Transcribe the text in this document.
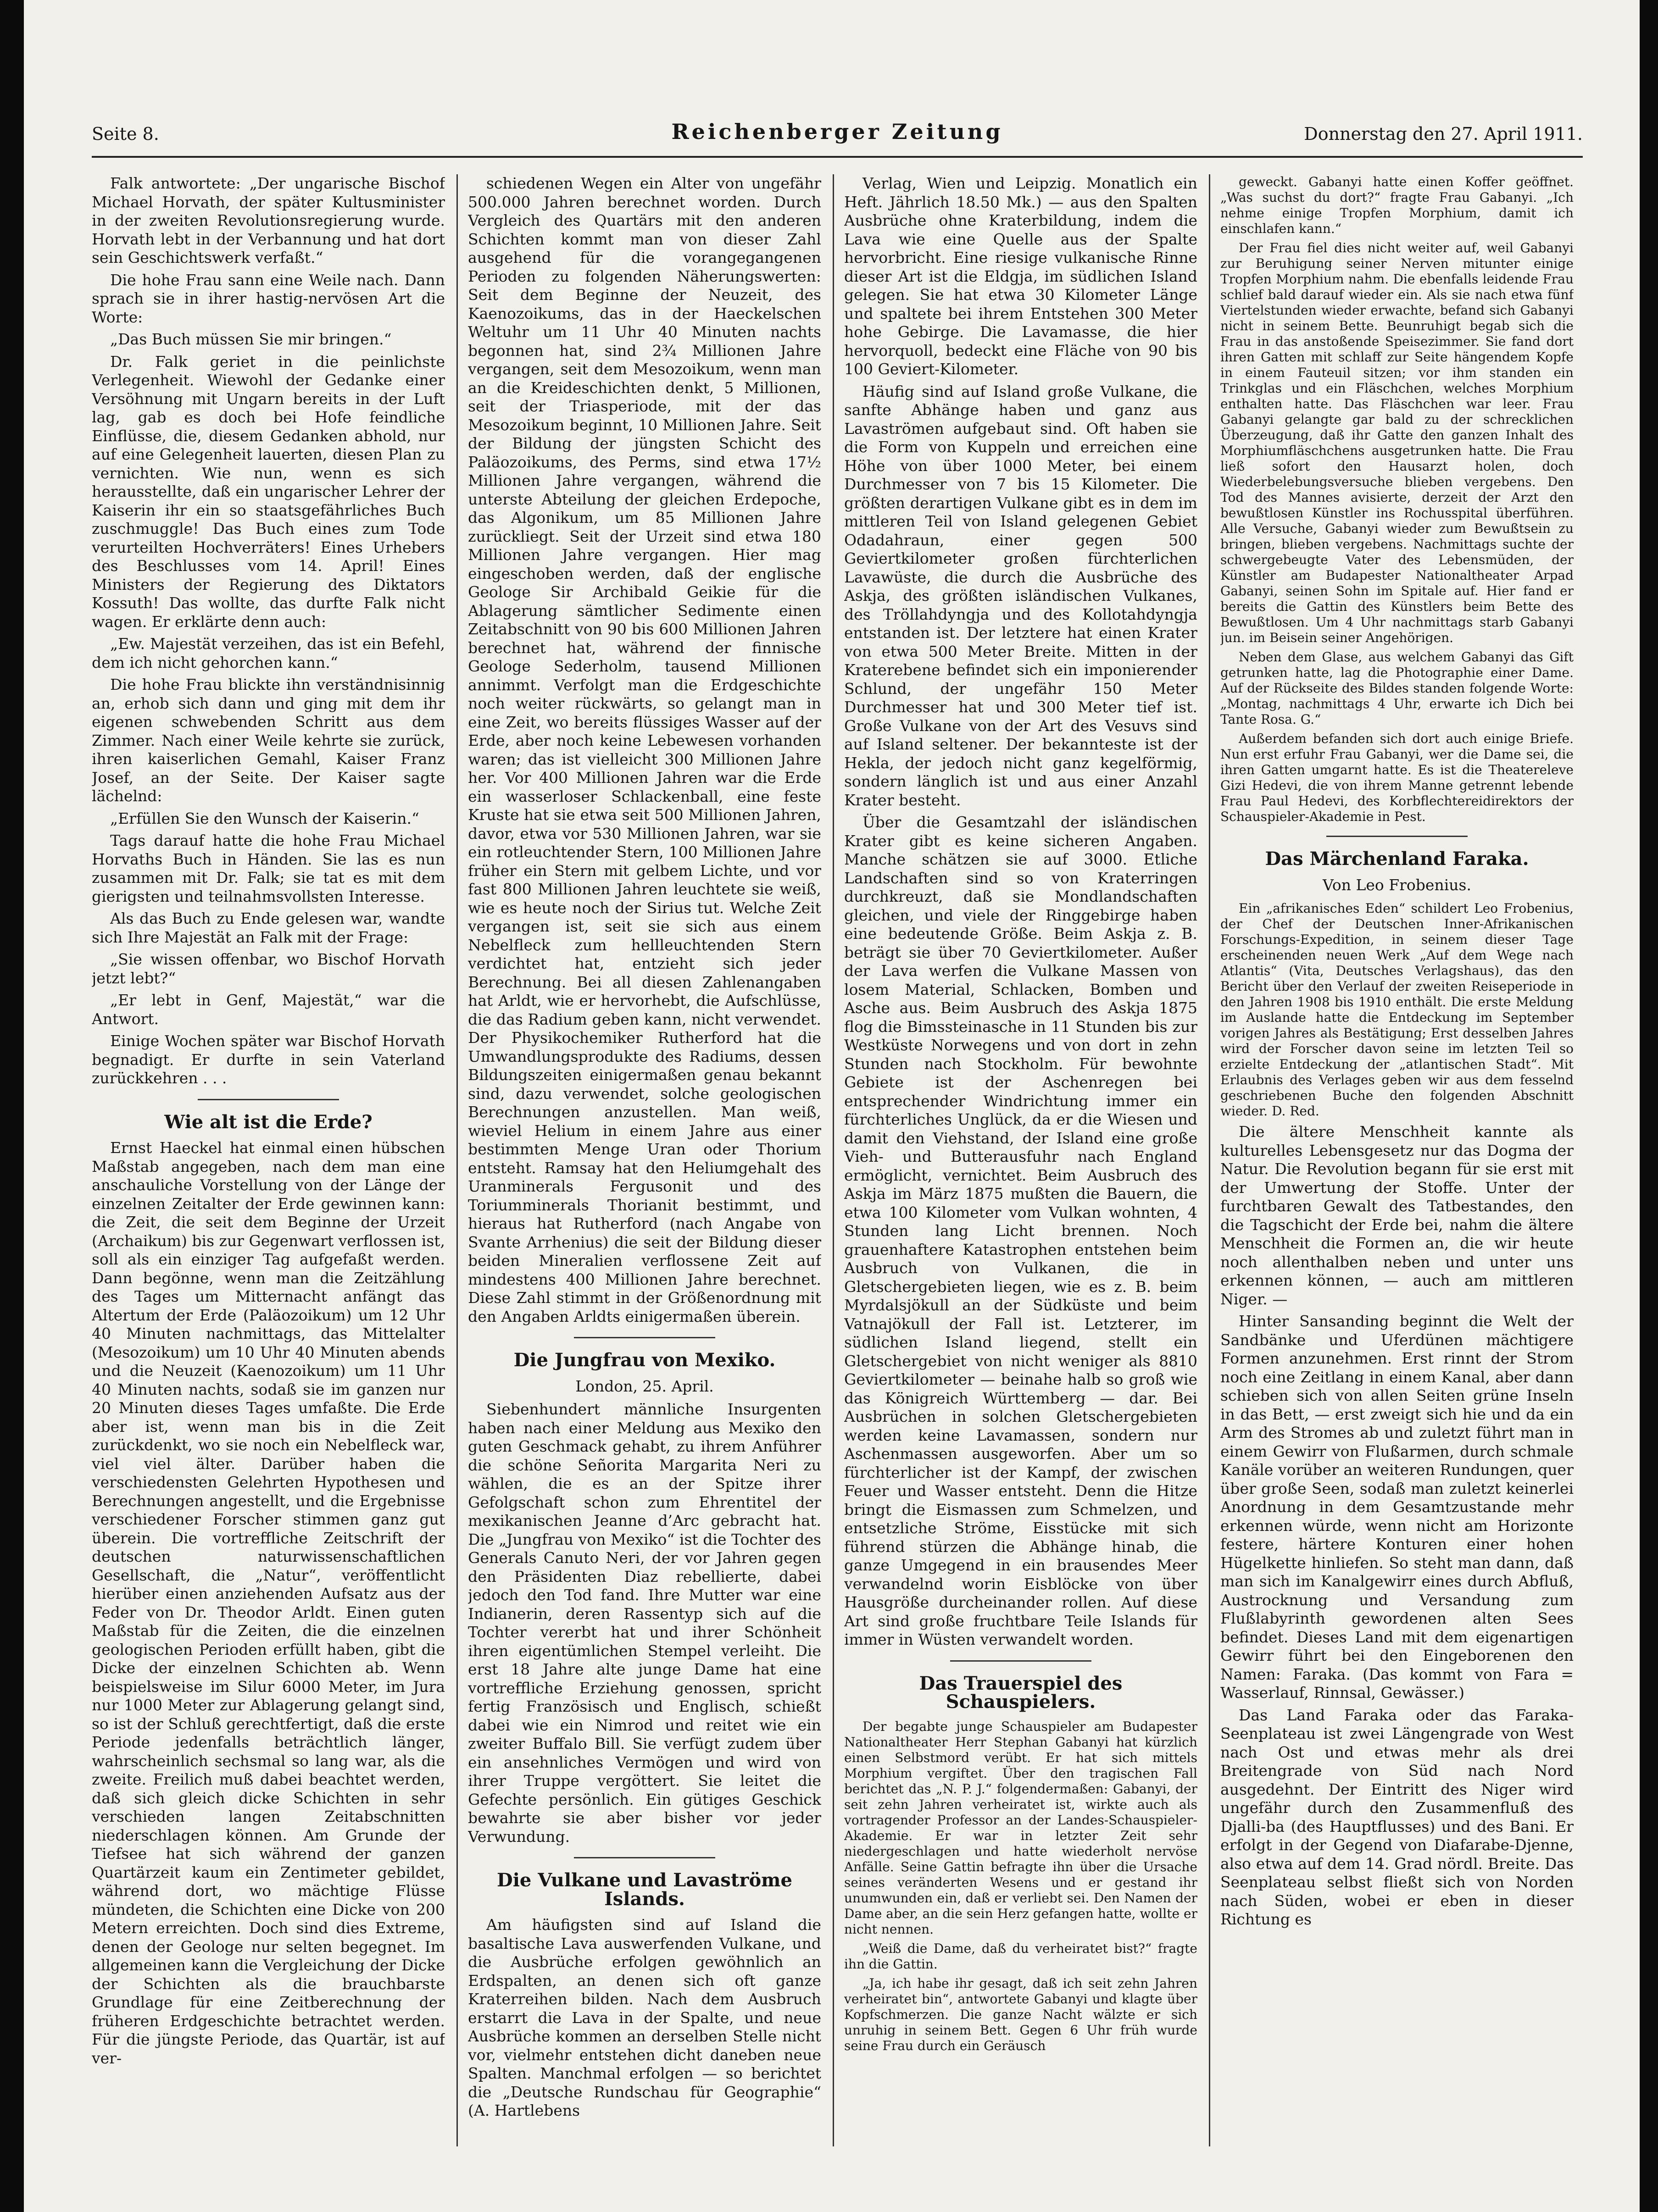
Seite 8.	Reichenberger Zeitung	Donnerstag den 27. April 1911.

Falk antwortete: „Der ungarische Bischof Michael Horvath, der später Kultusminister in der zweiten Revolutionsregierung wurde. Horvath lebt in der Verbannung und hat dort sein Geschichtswerk verfaßt.“

Die hohe Frau sann eine Weile nach. Dann sprach sie in ihrer hastig-nervösen Art die Worte:

„Das Buch müssen Sie mir bringen.“

Dr. Falk geriet in die peinlichste Verlegenheit. Wiewohl der Gedanke einer Versöhnung mit Ungarn bereits in der Luft lag, gab es doch bei Hofe feindliche Einflüsse, die, diesem Gedanken abhold, nur auf eine Gelegenheit lauerten, diesen Plan zu vernichten. Wie nun, wenn es sich herausstellte, daß ein ungarischer Lehrer der Kaiserin ihr ein so staatsgefährliches Buch zuschmuggle! Das Buch eines zum Tode verurteilten Hochverräters! Eines Urhebers des Beschlusses vom 14. April! Eines Ministers der Regierung des Diktators Kossuth! Das wollte, das durfte Falk nicht wagen. Er erklärte denn auch:

„Ew. Majestät verzeihen, das ist ein Befehl, dem ich nicht gehorchen kann.“

Die hohe Frau blickte ihn verständnisinnig an, erhob sich dann und ging mit dem ihr eigenen schwebenden Schritt aus dem Zimmer. Nach einer Weile kehrte sie zurück, ihren kaiserlichen Gemahl, Kaiser Franz Josef, an der Seite. Der Kaiser sagte lächelnd:

„Erfüllen Sie den Wunsch der Kaiserin.“

Tags darauf hatte die hohe Frau Michael Horvaths Buch in Händen. Sie las es nun zusammen mit Dr. Falk; sie tat es mit dem gierigsten und teilnahmsvollsten Interesse.

Als das Buch zu Ende gelesen war, wandte sich Ihre Majestät an Falk mit der Frage:

„Sie wissen offenbar, wo Bischof Horvath jetzt lebt?“

„Er lebt in Genf, Majestät,“ war die Antwort.

Einige Wochen später war Bischof Horvath begnadigt. Er durfte in sein Vaterland zurückkehren . . .

Wie alt ist die Erde?

Ernst Haeckel hat einmal einen hübschen Maßstab angegeben, nach dem man eine anschauliche Vorstellung von der Länge der einzelnen Zeitalter der Erde gewinnen kann: die Zeit, die seit dem Beginne der Urzeit (Archaikum) bis zur Gegenwart verflossen ist, soll als ein einziger Tag aufgefaßt werden. Dann begönne, wenn man die Zeitzählung des Tages um Mitternacht anfängt das Altertum der Erde (Paläozoikum) um 12 Uhr 40 Minuten nachmittags, das Mittelalter (Mesozoikum) um 10 Uhr 40 Minuten abends und die Neuzeit (Kaenozoikum) um 11 Uhr 40 Minuten nachts, sodaß sie im ganzen nur 20 Minuten dieses Tages umfaßte. Die Erde aber ist, wenn man bis in die Zeit zurückdenkt, wo sie noch ein Nebelfleck war, viel viel älter. Darüber haben die verschiedensten Gelehrten Hypothesen und Berechnungen angestellt, und die Ergebnisse verschiedener Forscher stimmen ganz gut überein. Die vortreffliche Zeitschrift der deutschen naturwissenschaftlichen Gesellschaft, die „Natur“, veröffentlicht hierüber einen anziehenden Aufsatz aus der Feder von Dr. Theodor Arldt. Einen guten Maßstab für die Zeiten, die die einzelnen geologischen Perioden erfüllt haben, gibt die Dicke der einzelnen Schichten ab. Wenn beispielsweise im Silur 6000 Meter, im Jura nur 1000 Meter zur Ablagerung gelangt sind, so ist der Schluß gerechtfertigt, daß die erste Periode jedenfalls beträchtlich länger, wahrscheinlich sechsmal so lang war, als die zweite. Freilich muß dabei beachtet werden, daß sich gleich dicke Schichten in sehr verschieden langen Zeitabschnitten niederschlagen können. Am Grunde der Tiefsee hat sich während der ganzen Quartärzeit kaum ein Zentimeter gebildet, während dort, wo mächtige Flüsse mündeten, die Schichten eine Dicke von 200 Metern erreichten. Doch sind dies Extreme, denen der Geologe nur selten begegnet. Im allgemeinen kann die Vergleichung der Dicke der Schichten als die brauchbarste Grundlage für eine Zeitberechnung der früheren Erdgeschichte betrachtet werden. Für die jüngste Periode, das Quartär, ist auf ver-

schiedenen Wegen ein Alter von ungefähr 500.000 Jahren berechnet worden. Durch Vergleich des Quartärs mit den anderen Schichten kommt man von dieser Zahl ausgehend für die vorangegangenen Perioden zu folgenden Näherungswerten: Seit dem Beginne der Neuzeit, des Kaenozoikums, das in der Haeckelschen Weltuhr um 11 Uhr 40 Minuten nachts begonnen hat, sind 2¾ Millionen Jahre vergangen, seit dem Mesozoikum, wenn man an die Kreideschichten denkt, 5 Millionen, seit der Triasperiode, mit der das Mesozoikum beginnt, 10 Millionen Jahre. Seit der Bildung der jüngsten Schicht des Paläozoikums, des Perms, sind etwa 17½ Millionen Jahre vergangen, während die unterste Abteilung der gleichen Erdepoche, das Algonikum, um 85 Millionen Jahre zurückliegt. Seit der Urzeit sind etwa 180 Millionen Jahre vergangen. Hier mag eingeschoben werden, daß der englische Geologe Sir Archibald Geikie für die Ablagerung sämtlicher Sedimente einen Zeitabschnitt von 90 bis 600 Millionen Jahren berechnet hat, während der finnische Geologe Sederholm, tausend Millionen annimmt. Verfolgt man die Erdgeschichte noch weiter rückwärts, so gelangt man in eine Zeit, wo bereits flüssiges Wasser auf der Erde, aber noch keine Lebewesen vorhanden waren; das ist vielleicht 300 Millionen Jahre her. Vor 400 Millionen Jahren war die Erde ein wasserloser Schlackenball, eine feste Kruste hat sie etwa seit 500 Millionen Jahren, davor, etwa vor 530 Millionen Jahren, war sie ein rotleuchtender Stern, 100 Millionen Jahre früher ein Stern mit gelbem Lichte, und vor fast 800 Millionen Jahren leuchtete sie weiß, wie es heute noch der Sirius tut. Welche Zeit vergangen ist, seit sie sich aus einem Nebelfleck zum hellleuchtenden Stern verdichtet hat, entzieht sich jeder Berechnung. Bei all diesen Zahlenangaben hat Arldt, wie er hervorhebt, die Aufschlüsse, die das Radium geben kann, nicht verwendet. Der Physikochemiker Rutherford hat die Umwandlungsprodukte des Radiums, dessen Bildungszeiten einigermaßen genau bekannt sind, dazu verwendet, solche geologischen Berechnungen anzustellen. Man weiß, wieviel Helium in einem Jahre aus einer bestimmten Menge Uran oder Thorium entsteht. Ramsay hat den Heliumgehalt des Uranminerals Fergusonit und des Toriumminerals Thorianit bestimmt, und hieraus hat Rutherford (nach Angabe von Svante Arrhenius) die seit der Bildung dieser beiden Mineralien verflossene Zeit auf mindestens 400 Millionen Jahre berechnet. Diese Zahl stimmt in der Größenordnung mit den Angaben Arldts einigermaßen überein.

Die Jungfrau von Mexiko.
London, 25. April.

Siebenhundert männliche Insurgenten haben nach einer Meldung aus Mexiko den guten Geschmack gehabt, zu ihrem Anführer die schöne Señorita Margarita Neri zu wählen, die es an der Spitze ihrer Gefolgschaft schon zum Ehrentitel der mexikanischen Jeanne d’Arc gebracht hat. Die „Jungfrau von Mexiko“ ist die Tochter des Generals Canuto Neri, der vor Jahren gegen den Präsidenten Diaz rebellierte, dabei jedoch den Tod fand. Ihre Mutter war eine Indianerin, deren Rassentyp sich auf die Tochter vererbt hat und ihrer Schönheit ihren eigentümlichen Stempel verleiht. Die erst 18 Jahre alte junge Dame hat eine vortreffliche Erziehung genossen, spricht fertig Französisch und Englisch, schießt dabei wie ein Nimrod und reitet wie ein zweiter Buffalo Bill. Sie verfügt zudem über ein ansehnliches Vermögen und wird von ihrer Truppe vergöttert. Sie leitet die Gefechte persönlich. Ein gütiges Geschick bewahrte sie aber bisher vor jeder Verwundung.

Die Vulkane und Lavaströme Islands.

Am häufigsten sind auf Island die basaltische Lava auswerfenden Vulkane, und die Ausbrüche erfolgen gewöhnlich an Erdspalten, an denen sich oft ganze Kraterreihen bilden. Nach dem Ausbruch erstarrt die Lava in der Spalte, und neue Ausbrüche kommen an derselben Stelle nicht vor, vielmehr entstehen dicht daneben neue Spalten. Manchmal erfolgen — so berichtet die „Deutsche Rundschau für Geographie“ (A. Hartlebens

Verlag, Wien und Leipzig. Monatlich ein Heft. Jährlich 18.50 Mk.) — aus den Spalten Ausbrüche ohne Kraterbildung, indem die Lava wie eine Quelle aus der Spalte hervorbricht. Eine riesige vulkanische Rinne dieser Art ist die Eldgja, im südlichen Island gelegen. Sie hat etwa 30 Kilometer Länge und spaltete bei ihrem Entstehen 300 Meter hohe Gebirge. Die Lavamasse, die hier hervorquoll, bedeckt eine Fläche von 90 bis 100 Geviert-Kilometer.

Häufig sind auf Island große Vulkane, die sanfte Abhänge haben und ganz aus Lavaströmen aufgebaut sind. Oft haben sie die Form von Kuppeln und erreichen eine Höhe von über 1000 Meter, bei einem Durchmesser von 7 bis 15 Kilometer. Die größten derartigen Vulkane gibt es in dem im mittleren Teil von Island gelegenen Gebiet Odadahraun, einer gegen 500 Geviertkilometer großen fürchterlichen Lavawüste, die durch die Ausbrüche des Askja, des größten isländischen Vulkanes, des Tröllahdyngja und des Kollotahdyngja entstanden ist. Der letztere hat einen Krater von etwa 500 Meter Breite. Mitten in der Kraterebene befindet sich ein imponierender Schlund, der ungefähr 150 Meter Durchmesser hat und 300 Meter tief ist. Große Vulkane von der Art des Vesuvs sind auf Island seltener. Der bekannteste ist der Hekla, der jedoch nicht ganz kegelförmig, sondern länglich ist und aus einer Anzahl Krater besteht.

Über die Gesamtzahl der isländischen Krater gibt es keine sicheren Angaben. Manche schätzen sie auf 3000. Etliche Landschaften sind so von Kraterringen durchkreuzt, daß sie Mondlandschaften gleichen, und viele der Ringgebirge haben eine bedeutende Größe. Beim Askja z. B. beträgt sie über 70 Geviertkilometer. Außer der Lava werfen die Vulkane Massen von losem Material, Schlacken, Bomben und Asche aus. Beim Ausbruch des Askja 1875 flog die Bimssteinasche in 11 Stunden bis zur Westküste Norwegens und von dort in zehn Stunden nach Stockholm. Für bewohnte Gebiete ist der Aschenregen bei entsprechender Windrichtung immer ein fürchterliches Unglück, da er die Wiesen und damit den Viehstand, der Island eine große Vieh- und Butterausfuhr nach England ermöglicht, vernichtet. Beim Ausbruch des Askja im März 1875 mußten die Bauern, die etwa 100 Kilometer vom Vulkan wohnten, 4 Stunden lang Licht brennen. Noch grauenhaftere Katastrophen entstehen beim Ausbruch von Vulkanen, die in Gletschergebieten liegen, wie es z. B. beim Myrdalsjökull an der Südküste und beim Vatnajökull der Fall ist. Letzterer, im südlichen Island liegend, stellt ein Gletschergebiet von nicht weniger als 8810 Geviertkilometer — beinahe halb so groß wie das Königreich Württemberg — dar. Bei Ausbrüchen in solchen Gletschergebieten werden keine Lavamassen, sondern nur Aschenmassen ausgeworfen. Aber um so fürchterlicher ist der Kampf, der zwischen Feuer und Wasser entsteht. Denn die Hitze bringt die Eismassen zum Schmelzen, und entsetzliche Ströme, Eisstücke mit sich führend stürzen die Abhänge hinab, die ganze Umgegend in ein brausendes Meer verwandelnd worin Eisblöcke von über Hausgröße durcheinander rollen. Auf diese Art sind große fruchtbare Teile Islands für immer in Wüsten verwandelt worden.

Das Trauerspiel des Schauspielers.

Der begabte junge Schauspieler am Budapester Nationaltheater Herr Stephan Gabanyi hat kürzlich einen Selbstmord verübt. Er hat sich mittels Morphium vergiftet. Über den tragischen Fall berichtet das „N. P. J.“ folgendermaßen: Gabanyi, der seit zehn Jahren verheiratet ist, wirkte auch als vortragender Professor an der Landes-Schauspieler-Akademie. Er war in letzter Zeit sehr niedergeschlagen und hatte wiederholt nervöse Anfälle. Seine Gattin befragte ihn über die Ursache seines veränderten Wesens und er gestand ihr unumwunden ein, daß er verliebt sei. Den Namen der Dame aber, an die sein Herz gefangen hatte, wollte er nicht nennen.

„Weiß die Dame, daß du verheiratet bist?“ fragte ihn die Gattin.

„Ja, ich habe ihr gesagt, daß ich seit zehn Jahren verheiratet bin“, antwortete Gabanyi und klagte über Kopfschmerzen. Die ganze Nacht wälzte er sich unruhig in seinem Bett. Gegen 6 Uhr früh wurde seine Frau durch ein Geräusch

geweckt. Gabanyi hatte einen Koffer geöffnet. „Was suchst du dort?“ fragte Frau Gabanyi. „Ich nehme einige Tropfen Morphium, damit ich einschlafen kann.“

Der Frau fiel dies nicht weiter auf, weil Gabanyi zur Beruhigung seiner Nerven mitunter einige Tropfen Morphium nahm. Die ebenfalls leidende Frau schlief bald darauf wieder ein. Als sie nach etwa fünf Viertelstunden wieder erwachte, befand sich Gabanyi nicht in seinem Bette. Beunruhigt begab sich die Frau in das anstoßende Speisezimmer. Sie fand dort ihren Gatten mit schlaff zur Seite hängendem Kopfe in einem Fauteuil sitzen; vor ihm standen ein Trinkglas und ein Fläschchen, welches Morphium enthalten hatte. Das Fläschchen war leer. Frau Gabanyi gelangte gar bald zu der schrecklichen Überzeugung, daß ihr Gatte den ganzen Inhalt des Morphiumfläschchens ausgetrunken hatte. Die Frau ließ sofort den Hausarzt holen, doch Wiederbelebungsversuche blieben vergebens. Den Tod des Mannes avisierte, derzeit der Arzt den bewußtlosen Künstler ins Rochusspital überführen. Alle Versuche, Gabanyi wieder zum Bewußtsein zu bringen, blieben vergebens. Nachmittags suchte der schwergebeugte Vater des Lebensmüden, der Künstler am Budapester Nationaltheater Arpad Gabanyi, seinen Sohn im Spitale auf. Hier fand er bereits die Gattin des Künstlers beim Bette des Bewußtlosen. Um 4 Uhr nachmittags starb Gabanyi jun. im Beisein seiner Angehörigen.

Neben dem Glase, aus welchem Gabanyi das Gift getrunken hatte, lag die Photographie einer Dame. Auf der Rückseite des Bildes standen folgende Worte: „Montag, nachmittags 4 Uhr, erwarte ich Dich bei Tante Rosa. G.“

Außerdem befanden sich dort auch einige Briefe. Nun erst erfuhr Frau Gabanyi, wer die Dame sei, die ihren Gatten umgarnt hatte. Es ist die Theatereleve Gizi Hedevi, die von ihrem Manne getrennt lebende Frau Paul Hedevi, des Korbflechtereidirektors der Schauspieler-Akademie in Pest.

Das Märchenland Faraka.
Von Leo Frobenius.

Ein „afrikanisches Eden“ schildert Leo Frobenius, der Chef der Deutschen Inner-Afrikanischen Forschungs-Expedition, in seinem dieser Tage erscheinenden neuen Werk „Auf dem Wege nach Atlantis“ (Vita, Deutsches Verlagshaus), das den Bericht über den Verlauf der zweiten Reiseperiode in den Jahren 1908 bis 1910 enthält. Die erste Meldung im Auslande hatte die Entdeckung im September vorigen Jahres als Bestätigung; Erst desselben Jahres wird der Forscher davon seine im letzten Teil so erzielte Entdeckung der „atlantischen Stadt“. Mit Erlaubnis des Verlages geben wir aus dem fesselnd geschriebenen Buche den folgenden Abschnitt wieder. D. Red.

Die ältere Menschheit kannte als kulturelles Lebensgesetz nur das Dogma der Natur. Die Revolution begann für sie erst mit der Umwertung der Stoffe. Unter der furchtbaren Gewalt des Tatbestandes, den die Tagschicht der Erde bei, nahm die ältere Menschheit die Formen an, die wir heute noch allenthalben neben und unter uns erkennen können, — auch am mittleren Niger. —

Hinter Sansanding beginnt die Welt der Sandbänke und Uferdünen mächtigere Formen anzunehmen. Erst rinnt der Strom noch eine Zeitlang in einem Kanal, aber dann schieben sich von allen Seiten grüne Inseln in das Bett, — erst zweigt sich hie und da ein Arm des Stromes ab und zuletzt führt man in einem Gewirr von Flußarmen, durch schmale Kanäle vorüber an weiteren Rundungen, quer über große Seen, sodaß man zuletzt keinerlei Anordnung in dem Gesamtzustande mehr erkennen würde, wenn nicht am Horizonte festere, härtere Konturen einer hohen Hügelkette hinliefen. So steht man dann, daß man sich im Kanalgewirr eines durch Abfluß, Austrocknung und Versandung zum Flußlabyrinth gewordenen alten Sees befindet. Dieses Land mit dem eigenartigen Gewirr führt bei den Eingeborenen den Namen: Faraka. (Das kommt von Fara = Wasserlauf, Rinnsal, Gewässer.)

Das Land Faraka oder das Faraka-Seenplateau ist zwei Längengrade von West nach Ost und etwas mehr als drei Breitengrade von Süd nach Nord ausgedehnt. Der Eintritt des Niger wird ungefähr durch den Zusammenfluß des Djalli-ba (des Hauptflusses) und des Bani. Er erfolgt in der Gegend von Diafarabe-Djenne, also etwa auf dem 14. Grad nördl. Breite. Das Seenplateau selbst fließt sich von Norden nach Süden, wobei er eben in dieser Richtung es
